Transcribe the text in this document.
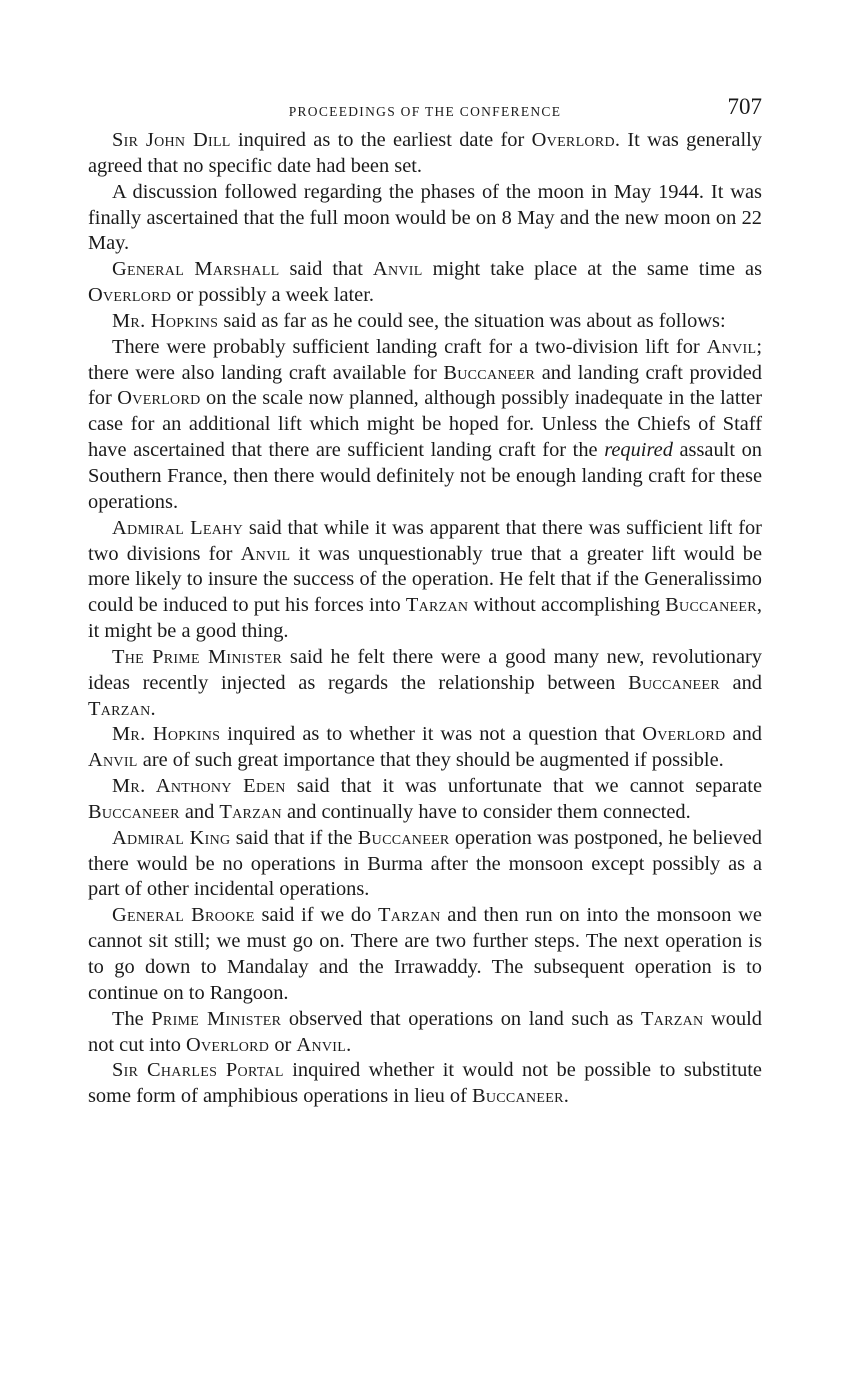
PROCEEDINGS OF THE CONFERENCE	707

Sir John Dill inquired as to the earliest date for Overlord. It was generally agreed that no specific date had been set.

A discussion followed regarding the phases of the moon in May 1944. It was finally ascertained that the full moon would be on 8 May and the new moon on 22 May.

General Marshall said that Anvil might take place at the same time as Overlord or possibly a week later.

Mr. Hopkins said as far as he could see, the situation was about as follows:

There were probably sufficient landing craft for a two-division lift for Anvil; there were also landing craft available for Buccaneer and landing craft provided for Overlord on the scale now planned, although possibly inadequate in the latter case for an additional lift which might be hoped for. Unless the Chiefs of Staff have ascertained that there are sufficient landing craft for the required assault on Southern France, then there would definitely not be enough landing craft for these operations.

Admiral Leahy said that while it was apparent that there was sufficient lift for two divisions for Anvil it was unquestionably true that a greater lift would be more likely to insure the success of the operation. He felt that if the Generalissimo could be induced to put his forces into Tarzan without accomplishing Buccaneer, it might be a good thing.

The Prime Minister said he felt there were a good many new, revolutionary ideas recently injected as regards the relationship between Buccaneer and Tarzan.

Mr. Hopkins inquired as to whether it was not a question that Overlord and Anvil are of such great importance that they should be augmented if possible.

Mr. Anthony Eden said that it was unfortunate that we cannot separate Buccaneer and Tarzan and continually have to consider them connected.

Admiral King said that if the Buccaneer operation was postponed, he believed there would be no operations in Burma after the monsoon except possibly as a part of other incidental operations.

General Brooke said if we do Tarzan and then run on into the monsoon we cannot sit still; we must go on. There are two further steps. The next operation is to go down to Mandalay and the Irrawaddy. The subsequent operation is to continue on to Rangoon.

The Prime Minister observed that operations on land such as Tarzan would not cut into Overlord or Anvil.

Sir Charles Portal inquired whether it would not be possible to substitute some form of amphibious operations in lieu of Buccaneer.
